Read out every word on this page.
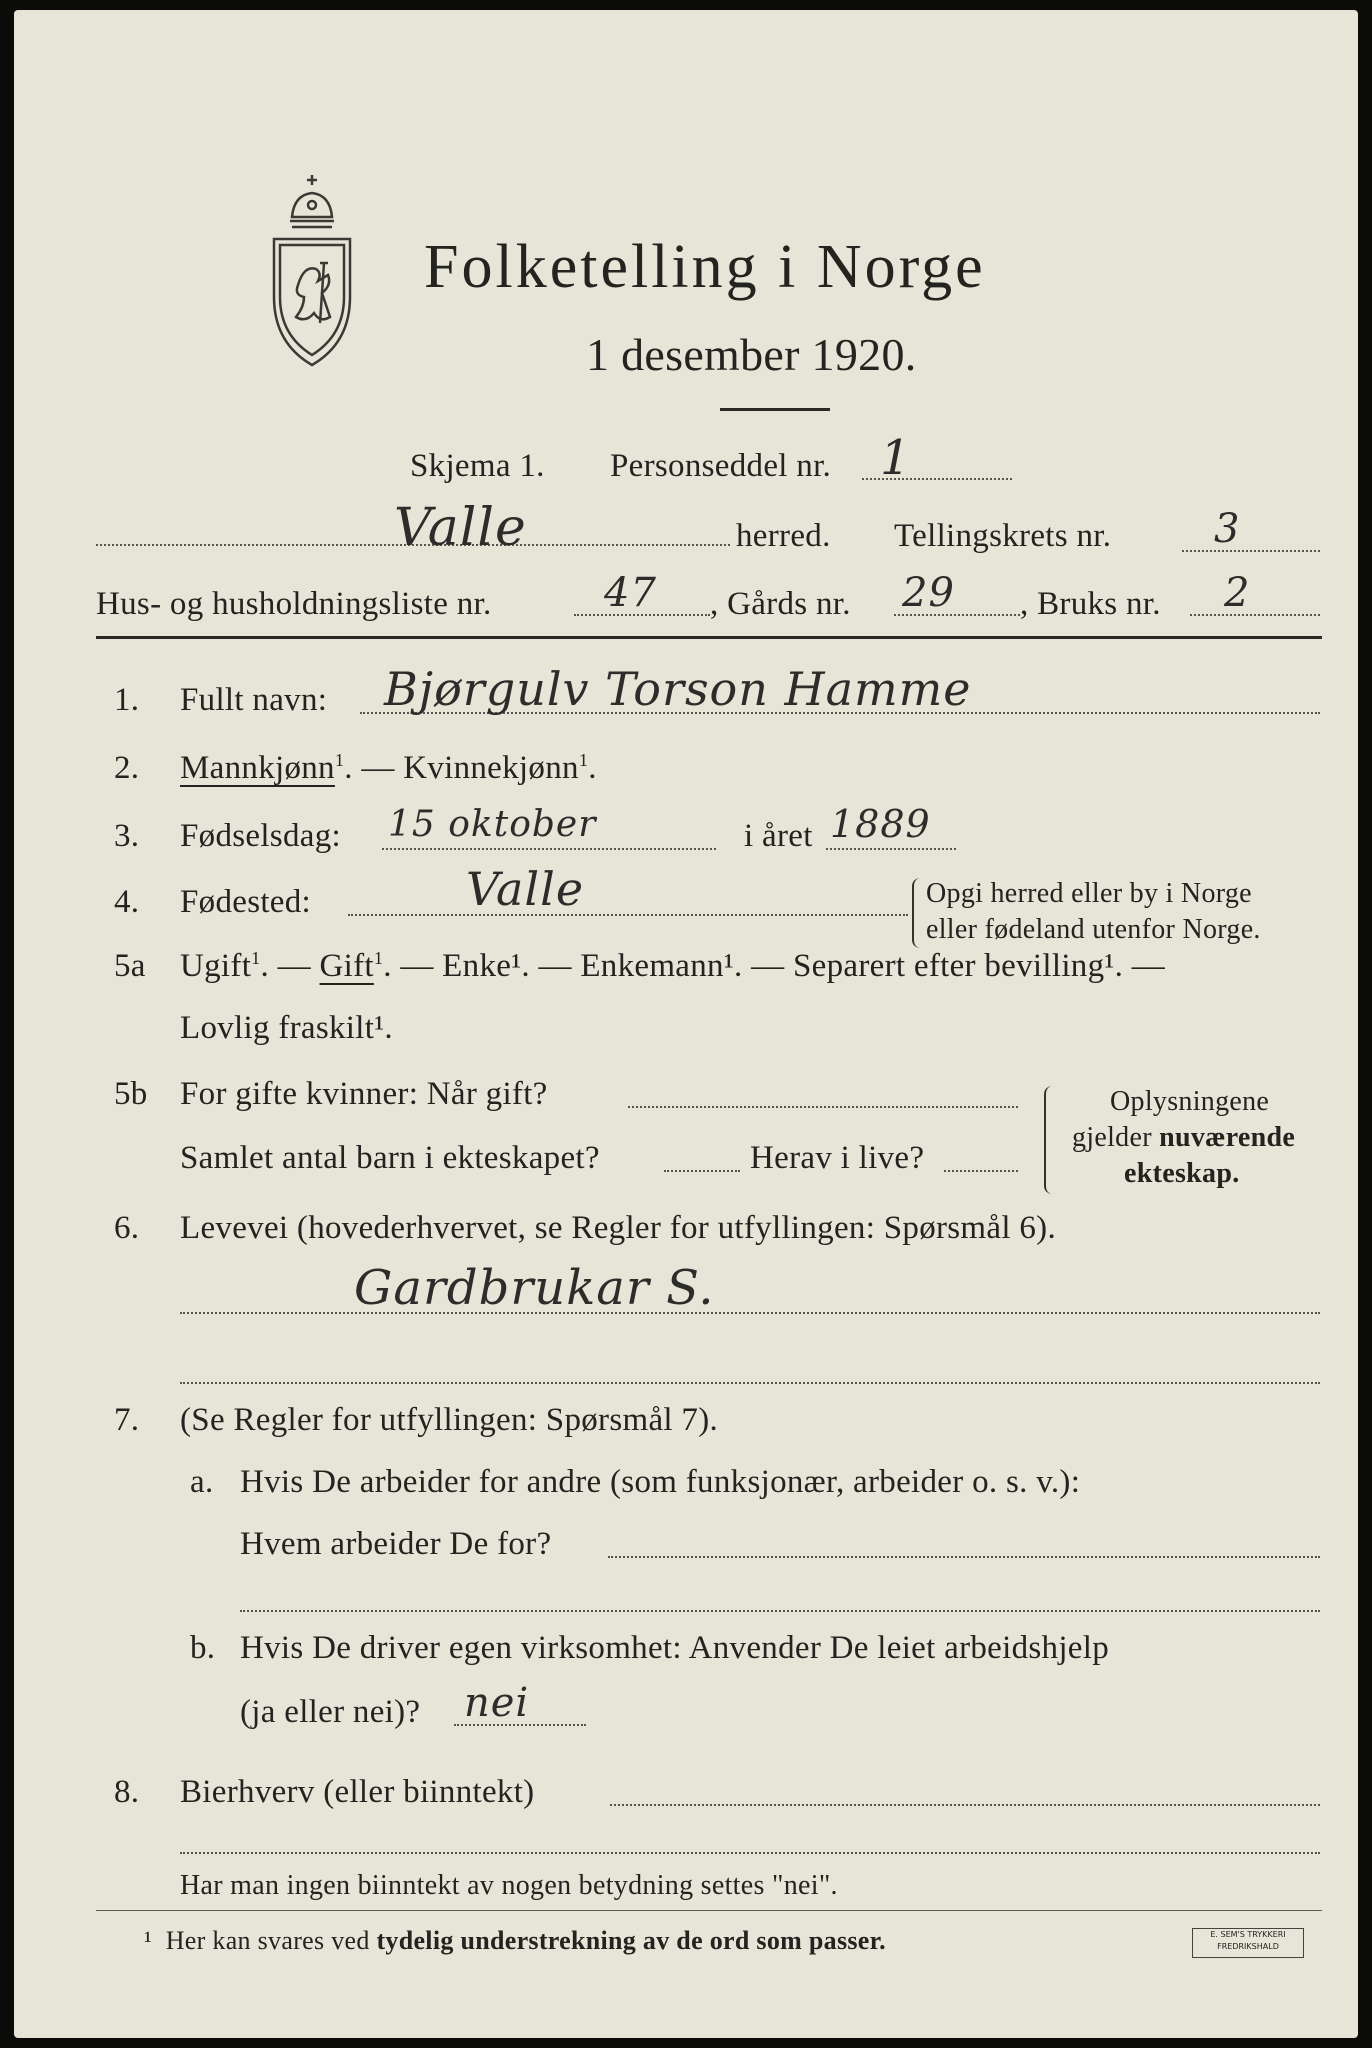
Folketelling i Norge
1 desember 1920.
Skjema 1. Personseddel nr. 1
Valle	herred. Tellingskrets nr.	3
Hus- og husholdningsliste nr.	47 , Gårds nr. 29 , Bruks nr. 2
1. Fullt navn: Bjørgulv Torson Hamme
2. Mannkjønn$^1$. — Kvinnekjønn$^1$.
3. Fødselsdag: 15 oktober	i året 1889
4. Fødested:	Valle	Opgi herred eller by i Norge
eller fødeland utenfor Norge.
5a Ugift$^1$. — Gift$^1$. — Enke¹. — Enkemann¹. — Separert efter bevilling¹. —
Lovlig fraskilt¹.
5b For gifte kvinner: Når gift?
Samlet antal barn i ekteskapet?	Herav i live?
Oplysningene
gjelder nuværende
ekteskap.
6. Levevei (hovederhvervet, se Regler for utfyllingen: Spørsmål 6).
Gardbrukar S.
7. (Se Regler for utfyllingen: Spørsmål 7).
a. Hvis De arbeider for andre (som funksjonær, arbeider o. s. v.):
Hvem arbeider De for?
b. Hvis De driver egen virksomhet: Anvender De leiet arbeidshjelp
(ja eller nei)? nei
8. Bierhverv (eller biinntekt)
Har man ingen biinntekt av nogen betydning settes "nei".
¹ Her kan svares ved tydelig understrekning av de ord som passer.	E. SEM'S TRYKKERI FREDRIKSHALD
